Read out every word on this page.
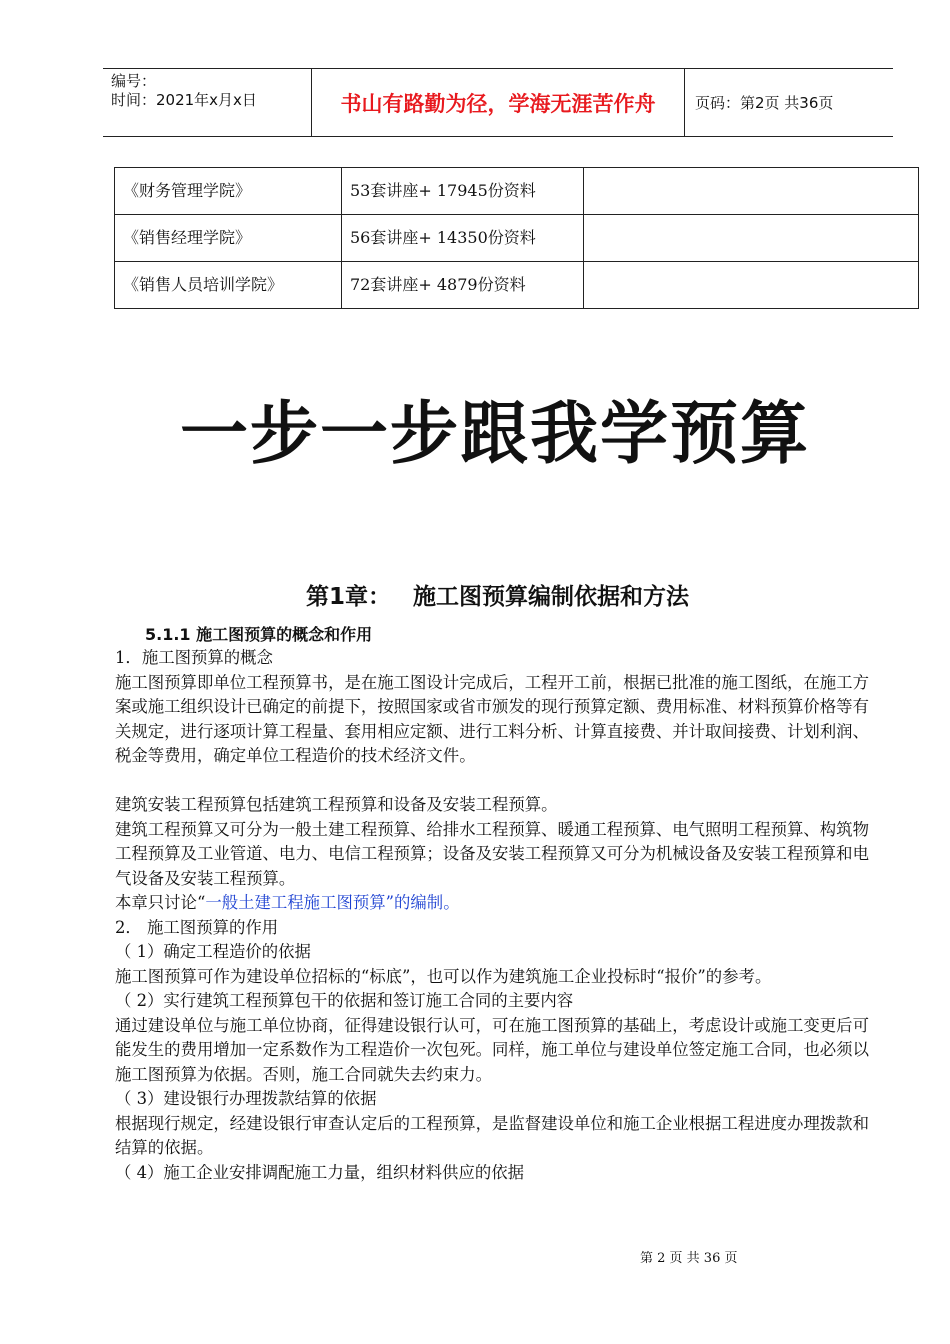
编号：
时间：2021年x月x日	书山有路勤为径，学海无涯苦作舟	页码：第2页 共36页
《财务管理学院》	53套讲座+ 17945份资料	
《销售经理学院》	56套讲座+ 14350份资料	
《销售人员培训学院》	72套讲座+ 4879份资料	
一步一步跟我学预算
第1章： 施工图预算编制依据和方法
5.1.1 施工图预算的概念和作用

1．施工图预算的概念

施工图预算即单位工程预算书，是在施工图设计完成后，工程开工前，根据已批准的施工图纸，在施工方案或施工组织设计已确定的前提下，按照国家或省市颁发的现行预算定额、费用标准、材料预算价格等有关规定，进行逐项计算工程量、套用相应定额、进行工料分析、计算直接费、并计取间接费、计划利润、税金等费用，确定单位工程造价的技术经济文件。

建筑安装工程预算包括建筑工程预算和设备及安装工程预算。

建筑工程预算又可分为一般土建工程预算、给排水工程预算、暖通工程预算、电气照明工程预算、构筑物工程预算及工业管道、电力、电信工程预算；设备及安装工程预算又可分为机械设备及安装工程预算和电气设备及安装工程预算。

本章只讨论“一般土建工程施工图预算”的编制。

2． 施工图预算的作用

（ 1）确定工程造价的依据

施工图预算可作为建设单位招标的“标底”，也可以作为建筑施工企业投标时“报价”的参考。

（ 2）实行建筑工程预算包干的依据和签订施工合同的主要内容

通过建设单位与施工单位协商，征得建设银行认可，可在施工图预算的基础上，考虑设计或施工变更后可能发生的费用增加一定系数作为工程造价一次包死。同样，施工单位与建设单位签定施工合同，也必须以施工图预算为依据。否则，施工合同就失去约束力。

（ 3）建设银行办理拨款结算的依据

根据现行规定，经建设银行审查认定后的工程预算，是监督建设单位和施工企业根据工程进度办理拨款和结算的依据。

（ 4）施工企业安排调配施工力量，组织材料供应的依据

第 2 页 共 36 页
